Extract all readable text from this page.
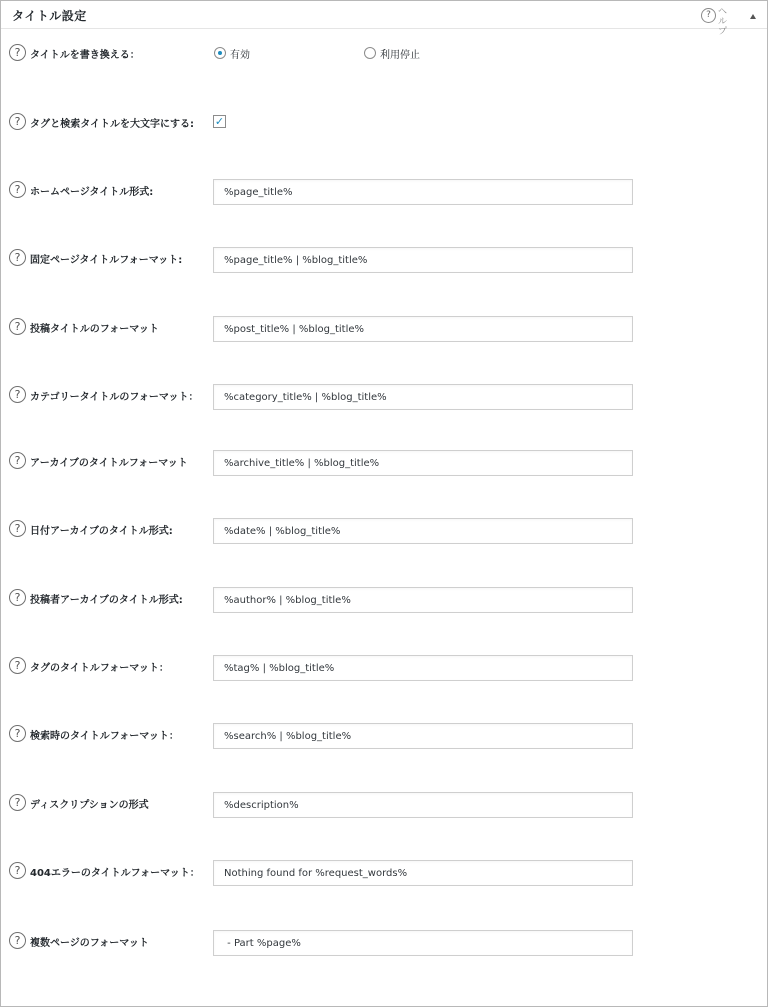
タイトル設定	? ヘルプ
? タイトルを書き換える：	有効	利用停止
? タグと検索タイトルを大文字にする: ✓
? ホームページタイトル形式:
%page_title%
? 固定ページタイトルフォーマット:
%page_title% | %blog_title%
? 投稿タイトルのフォーマット
%post_title% | %blog_title%
? カテゴリータイトルのフォーマット：
%category_title% | %blog_title%
? アーカイブのタイトルフォーマット
%archive_title% | %blog_title%
? 日付アーカイブのタイトル形式:
%date% | %blog_title%
? 投稿者アーカイブのタイトル形式:
%author% | %blog_title%
? タグのタイトルフォーマット：
%tag% | %blog_title%
? 検索時のタイトルフォーマット：
%search% | %blog_title%
? ディスクリプションの形式
%description%
? 404エラーのタイトルフォーマット：
Nothing found for %request_words%
? 複数ページのフォーマット
- Part %page%
